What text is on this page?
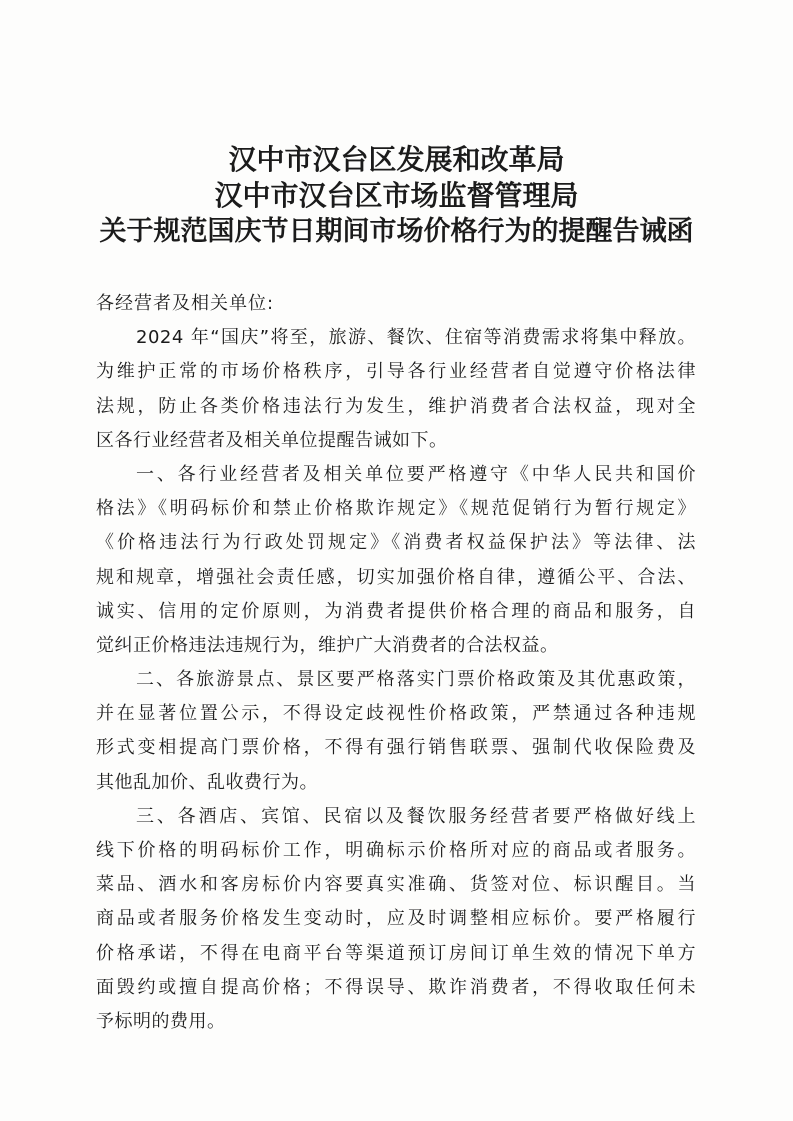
汉中市汉台区发展和改革局
汉中市汉台区市场监督管理局
关于规范国庆节日期间市场价格行为的提醒告诫函
各经营者及相关单位:
2024 年“国庆”将至，旅游、餐饮、住宿等消费需求将集中释放。
为维护正常的市场价格秩序，引导各行业经营者自觉遵守价格法律
法规，防止各类价格违法行为发生，维护消费者合法权益，现对全
区各行业经营者及相关单位提醒告诫如下。
一、各行业经营者及相关单位要严格遵守《中华人民共和国价
格法》《明码标价和禁止价格欺诈规定》《规范促销行为暂行规定》
《价格违法行为行政处罚规定》《消费者权益保护法》等法律、法
规和规章，增强社会责任感，切实加强价格自律，遵循公平、合法、
诚实、信用的定价原则，为消费者提供价格合理的商品和服务，自
觉纠正价格违法违规行为，维护广大消费者的合法权益。
二、各旅游景点、景区要严格落实门票价格政策及其优惠政策，
并在显著位置公示，不得设定歧视性价格政策，严禁通过各种违规
形式变相提高门票价格，不得有强行销售联票、强制代收保险费及
其他乱加价、乱收费行为。
三、各酒店、宾馆、民宿以及餐饮服务经营者要严格做好线上
线下价格的明码标价工作，明确标示价格所对应的商品或者服务。
菜品、酒水和客房标价内容要真实准确、货签对位、标识醒目。当
商品或者服务价格发生变动时，应及时调整相应标价。要严格履行
价格承诺，不得在电商平台等渠道预订房间订单生效的情况下单方
面毁约或擅自提高价格；不得误导、欺诈消费者，不得收取任何未
予标明的费用。
